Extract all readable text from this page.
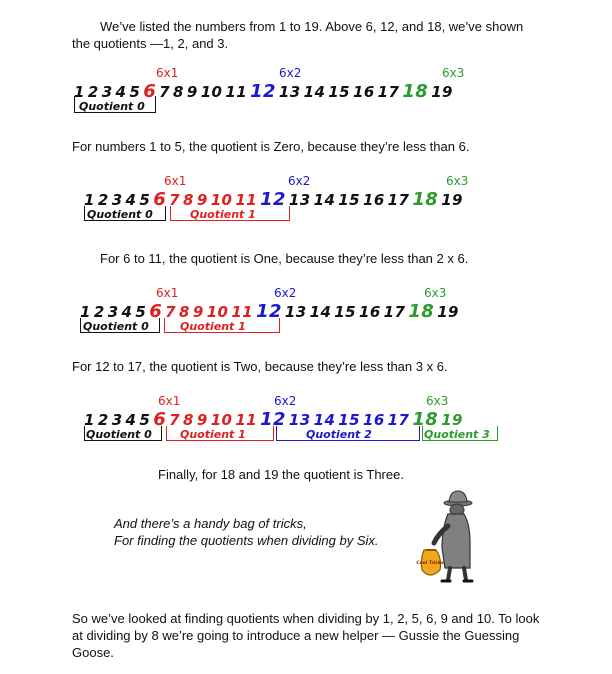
We’ve listed the numbers from 1 to 19. Above 6, 12, and 18, we’ve shown the quotients —1, 2, and 3.

6x1	6x2	6x3
1 2 3 4 5 6 7 8 9 10 11 12 13 14 15 16 17 18 19
Quotient 0

For numbers 1 to 5, the quotient is Zero, because they’re less than 6.

6x1	6x2	6x3
1 2 3 4 5 6 7 8 9 10 11 12 13 14 15 16 17 18 19
Quotient 0	Quotient 1

For 6 to 11, the quotient is One, because they’re less than 2 x 6.

6x1	6x2	6x3
1 2 3 4 5 6 7 8 9 10 11 12 13 14 15 16 17 18 19
Quotient 0	Quotient 1

For 12 to 17, the quotient is Two, because they’re less than 3 x 6.

6x1	6x2	6x3
1 2 3 4 5 6 7 8 9 10 11 12 13 14 15 16 17 18 19
Quotient 0	Quotient 1	Quotient 2	Quotient 3

Finally, for 18 and 19 the quotient is Three.

And there’s a handy bag of tricks,

For finding the quotients when dividing by Six.

Cool Tricks

So we’ve looked at finding quotients when dividing by 1, 2, 5, 6, 9 and 10. To look at dividing by 8 we’re going to introduce a new helper — Gussie the Guessing Goose.
